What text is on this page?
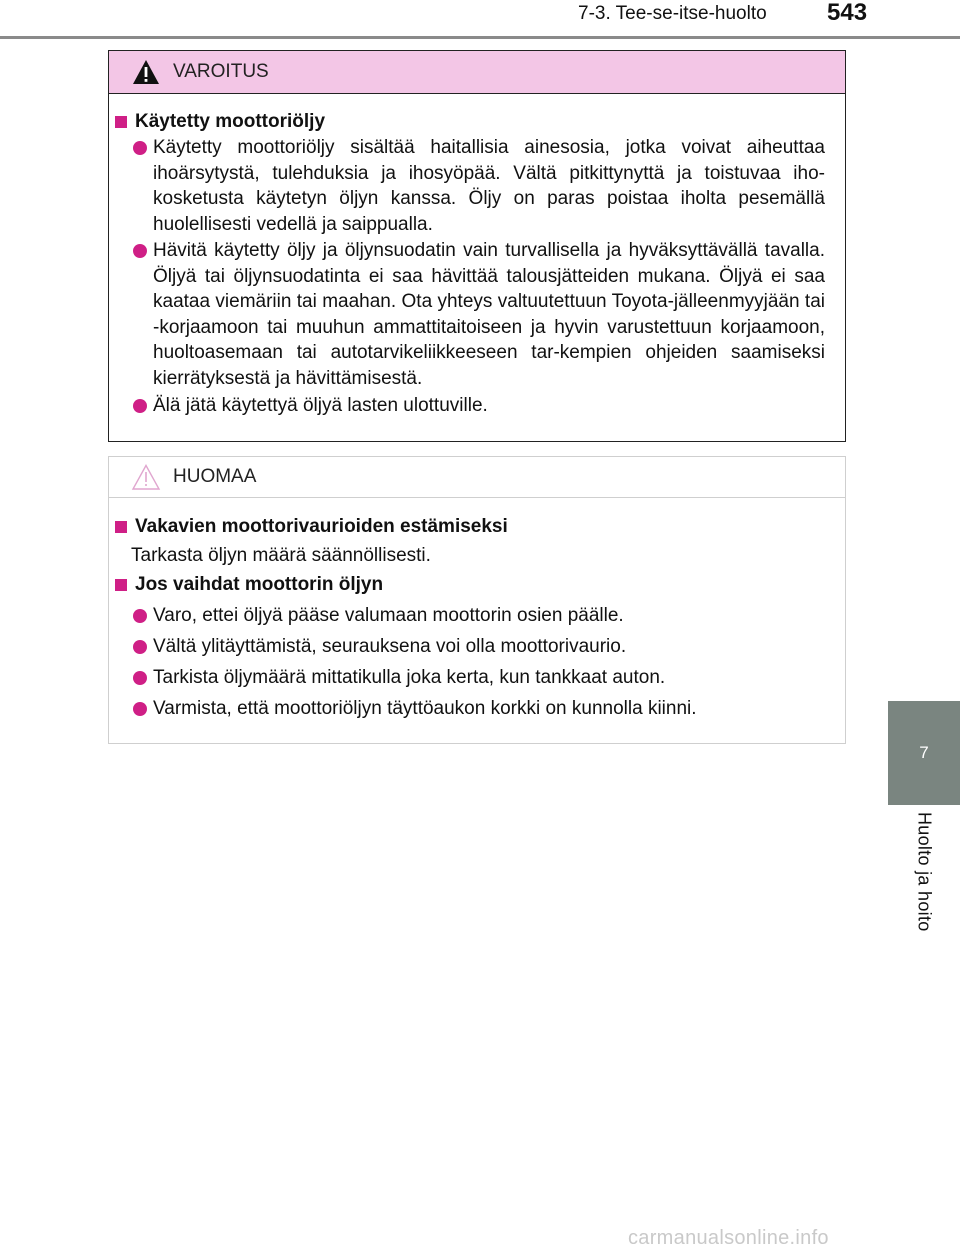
7-3. Tee-se-itse-huolto	543
7
Huolto ja hoito
VAROITUS
Käytetty moottoriöljy
Käytetty moottoriöljy sisältää haitallisia ainesosia, jotka voivat aiheuttaa ihoärsytystä, tulehduksia ja ihosyöpää. Vältä pitkittynyttä ja toistuvaa iho-kosketusta käytetyn öljyn kanssa. Öljy on paras poistaa iholta pesemällä huolellisesti vedellä ja saippualla.
Hävitä käytetty öljy ja öljynsuodatin vain turvallisella ja hyväksyttävällä tavalla. Öljyä tai öljynsuodatinta ei saa hävittää talousjätteiden mukana. Öljyä ei saa kaataa viemäriin tai maahan. Ota yhteys valtuutettuun Toyota-jälleenmyyjään tai -korjaamoon tai muuhun ammattitaitoiseen ja hyvin varustettuun korjaamoon, huoltoasemaan tai autotarvikeliikkeeseen tar-kempien ohjeiden saamiseksi kierrätyksestä ja hävittämisestä.
Älä jätä käytettyä öljyä lasten ulottuville.
HUOMAA
Vakavien moottorivaurioiden estämiseksi
Tarkasta öljyn määrä säännöllisesti.
Jos vaihdat moottorin öljyn
Varo, ettei öljyä pääse valumaan moottorin osien päälle.
Vältä ylitäyttämistä, seurauksena voi olla moottorivaurio.
Tarkista öljymäärä mittatikulla joka kerta, kun tankkaat auton.
Varmista, että moottoriöljyn täyttöaukon korkki on kunnolla kiinni.
carmanualsonline.info
